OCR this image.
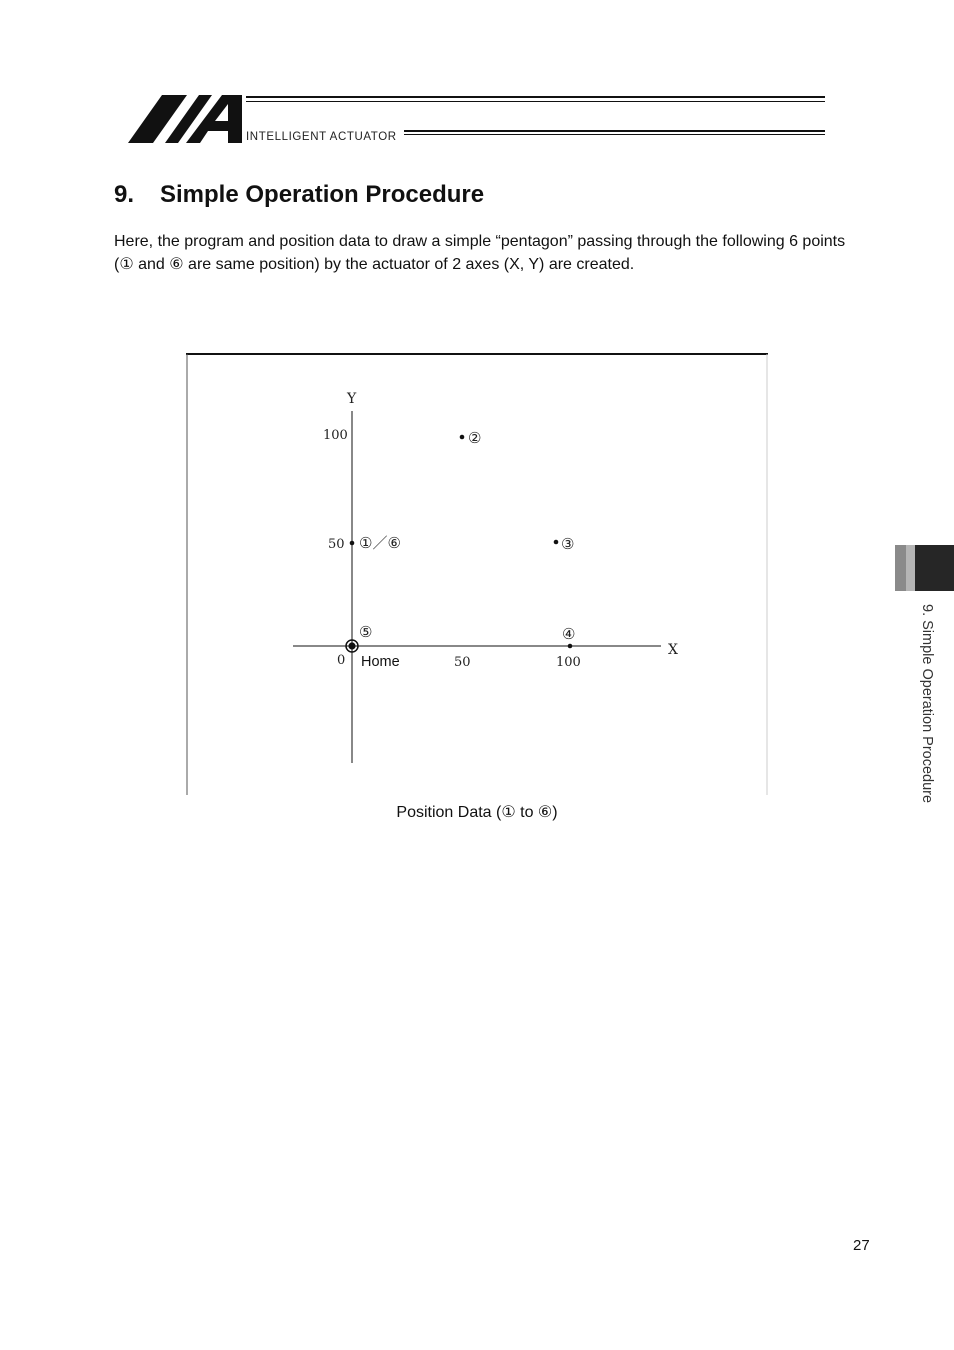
INTELLIGENT ACTUATOR
9. Simple Operation Procedure
Here, the program and position data to draw a simple “pentagon” passing through the following 6 points (① and ⑥ are same position) by the actuator of 2 axes (X, Y) are created.
Y
X
0 Home	50	100
50
100
①／⑥
②
③
④
⑤
Position Data (① to ⑥)
9. Simple Operation Procedure
27
